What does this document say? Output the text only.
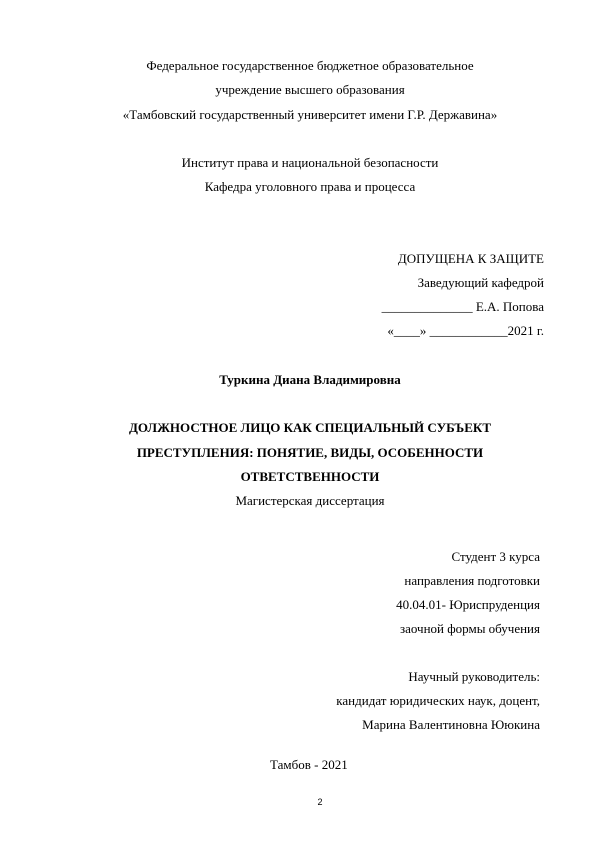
Федеральное государственное бюджетное образовательное
учреждение высшего образования
«Тамбовский государственный университет имени Г.Р. Державина»
Институт права и национальной безопасности
Кафедра уголовного права и процесса
ДОПУЩЕНА К ЗАЩИТЕ
Заведующий кафедрой
______________ Е.А. Попова
«____» ____________2021 г.
Туркина Диана Владимировна
ДОЛЖНОСТНОЕ ЛИЦО КАК СПЕЦИАЛЬНЫЙ СУБЪЕКТ
ПРЕСТУПЛЕНИЯ: ПОНЯТИЕ, ВИДЫ, ОСОБЕННОСТИ
ОТВЕТСТВЕННОСТИ
Магистерская диссертация
Студент 3 курса
направления подготовки
40.04.01- Юриспруденция
заочной формы обучения
Научный руководитель:
кандидат юридических наук, доцент,
Марина Валентиновна Ююкина
Тамбов - 2021
2
